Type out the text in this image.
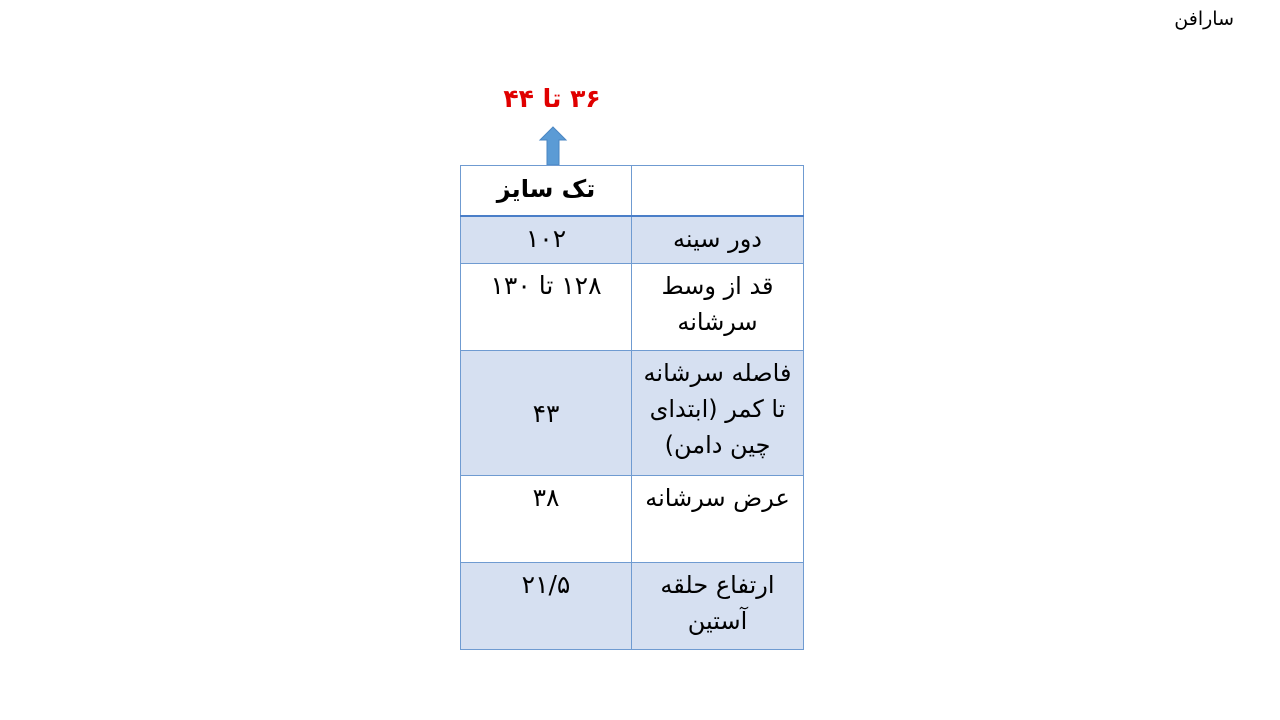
سارافن
۳۶ تا ۴۴
تک سایز	
۱۰۲	دور سینه
۱۲۸ تا ۱۳۰	قد از وسط سرشانه
۴۳	فاصله سرشانه تا کمر (ابتدای چین دامن)
۳۸	عرض سرشانه
۲۱/۵	ارتفاع حلقه آستین
